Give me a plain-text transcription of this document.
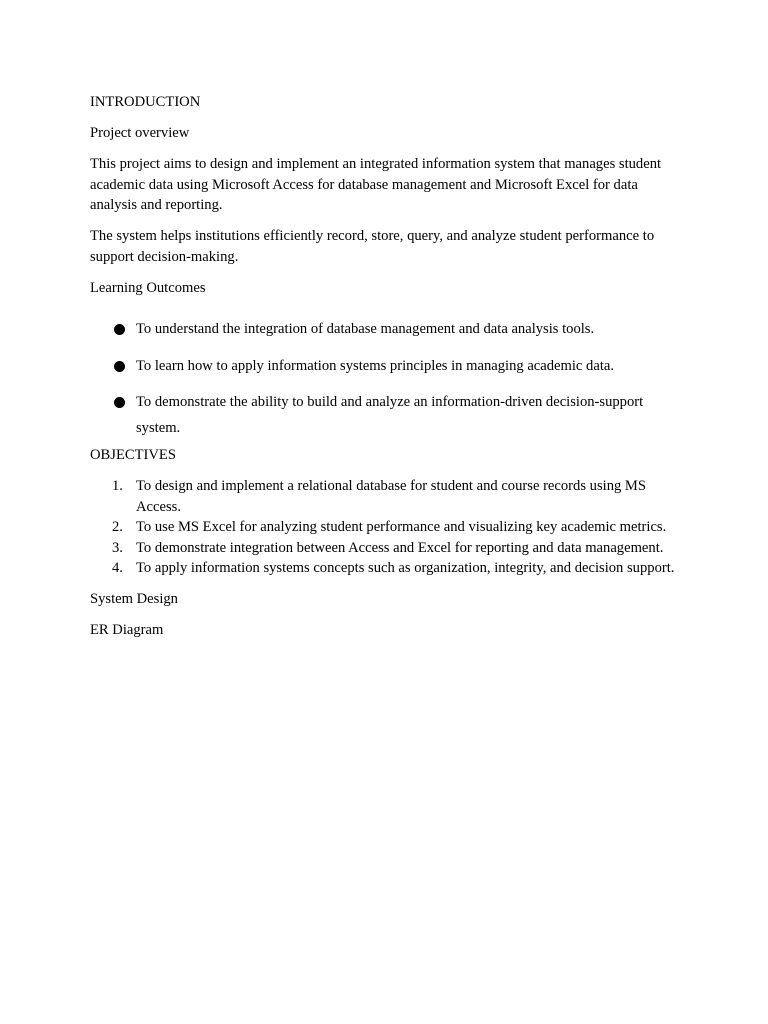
INTRODUCTION

Project overview

This project aims to design and implement an integrated information system that manages student academic data using Microsoft Access for database management and Microsoft Excel for data analysis and reporting.

The system helps institutions efficiently record, store, query, and analyze student performance to support decision-making.

Learning Outcomes

To understand the integration of database management and data analysis tools.
To learn how to apply information systems principles in managing academic data.
To demonstrate the ability to build and analyze an information-driven decision-support system.

OBJECTIVES

1. To design and implement a relational database for student and course records using MS Access.
2. To use MS Excel for analyzing student performance and visualizing key academic metrics.
3. To demonstrate integration between Access and Excel for reporting and data management.
4. To apply information systems concepts such as organization, integrity, and decision support.

System Design

ER Diagram
